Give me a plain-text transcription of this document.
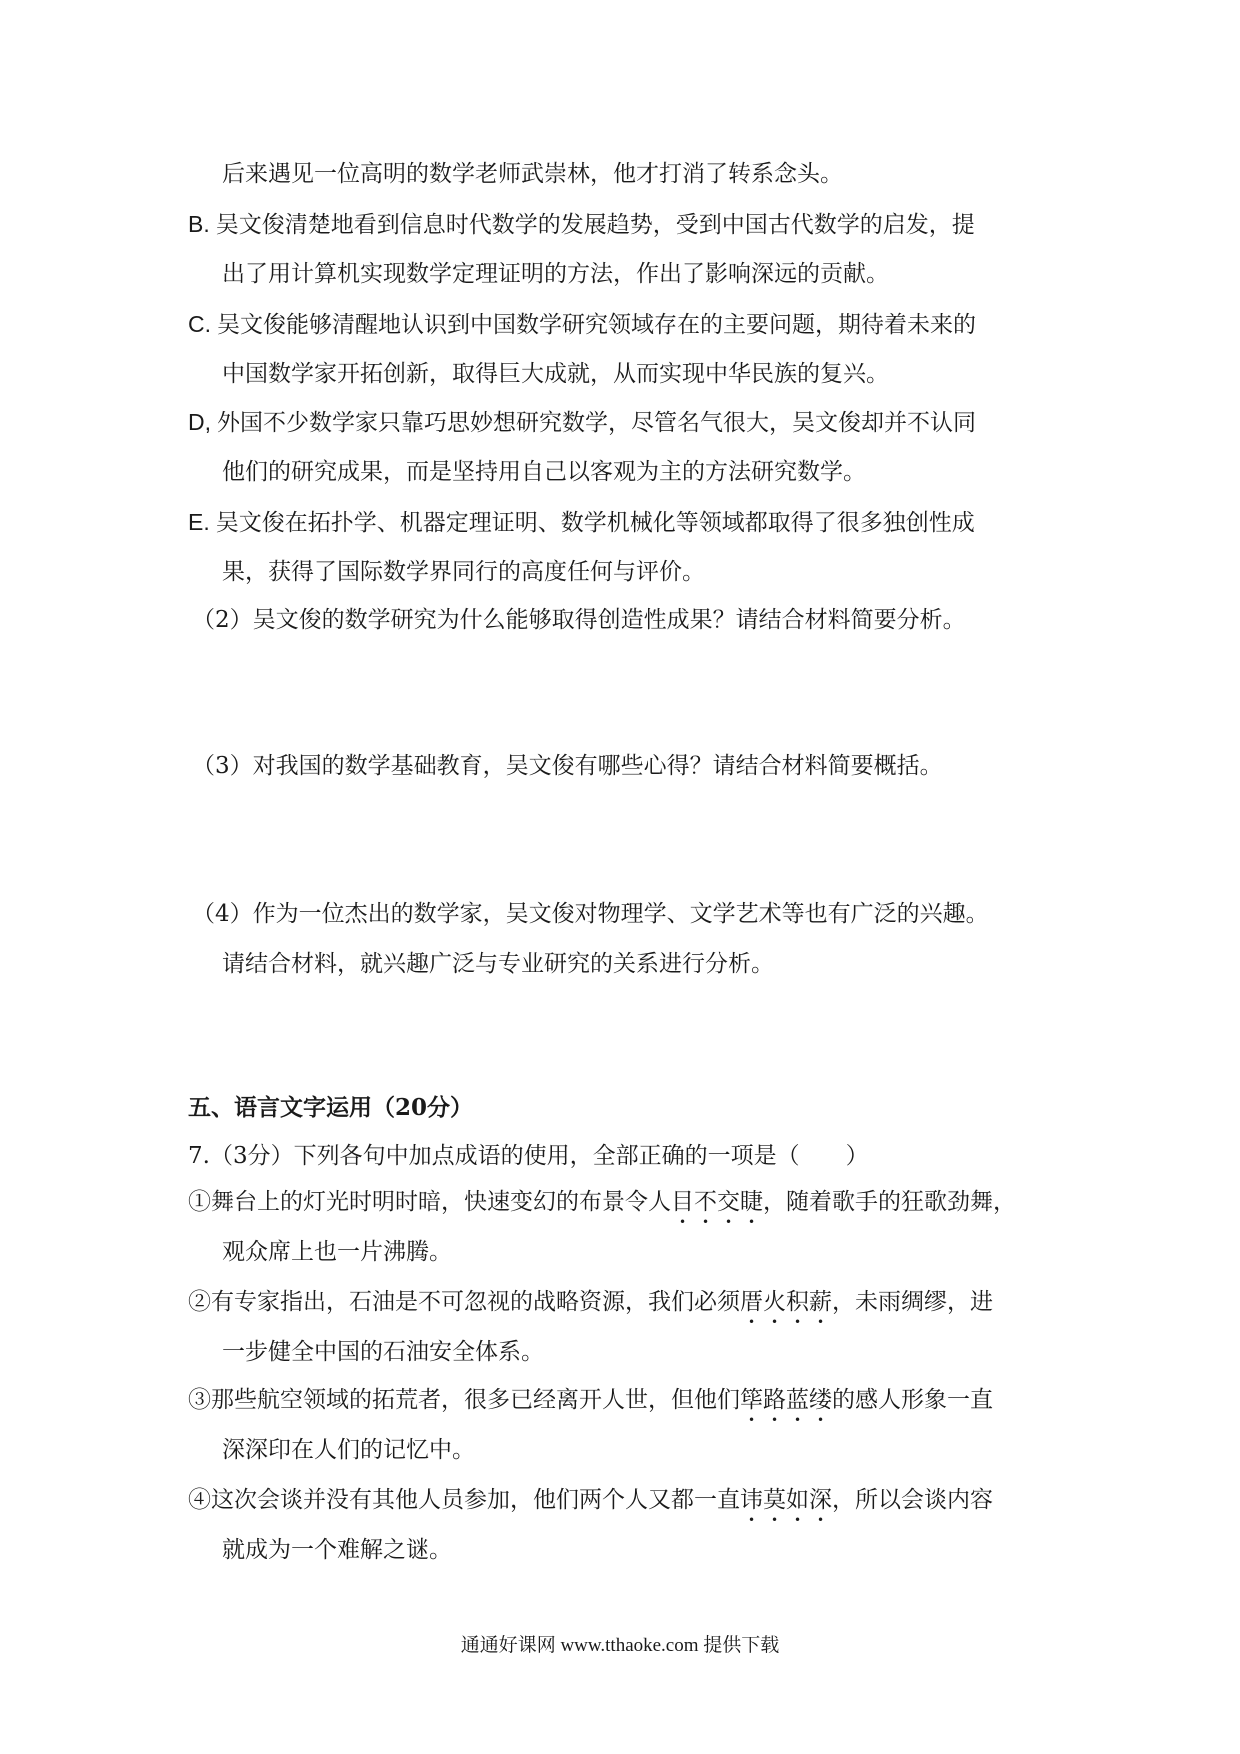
后来遇见一位高明的数学老师武崇林，他才打消了转系念头。
B. 吴文俊清楚地看到信息时代数学的发展趋势，受到中国古代数学的启发，提
出了用计算机实现数学定理证明的方法，作出了影响深远的贡献。
C. 吴文俊能够清醒地认识到中国数学研究领域存在的主要问题，期待着未来的
中国数学家开拓创新，取得巨大成就，从而实现中华民族的复兴。
D, 外国不少数学家只靠巧思妙想研究数学，尽管名气很大，吴文俊却并不认同
他们的研究成果，而是坚持用自己以客观为主的方法研究数学。
E. 吴文俊在拓扑学、机器定理证明、数学机械化等领域都取得了很多独创性成
果，获得了国际数学界同行的高度任何与评价。
（2）吴文俊的数学研究为什么能够取得创造性成果？请结合材料简要分析。
（3）对我国的数学基础教育，吴文俊有哪些心得？请结合材料简要概括。
（4）作为一位杰出的数学家，吴文俊对物理学、文学艺术等也有广泛的兴趣。
请结合材料，就兴趣广泛与专业研究的关系进行分析。
五、语言文字运用（20分）
7.（3分）下列各句中加点成语的使用，全部正确的一项是（　　）
①舞台上的灯光时明时暗，快速变幻的布景令人目不交睫，随着歌手的狂歌劲舞，
观众席上也一片沸腾。
②有专家指出，石油是不可忽视的战略资源，我们必须厝火积薪，未雨绸缪，进
一步健全中国的石油安全体系。
③那些航空领域的拓荒者，很多已经离开人世，但他们筚路蓝缕的感人形象一直
深深印在人们的记忆中。
④这次会谈并没有其他人员参加，他们两个人又都一直讳莫如深，所以会谈内容
就成为一个难解之谜。
通通好课网 www.tthaoke.com 提供下载
